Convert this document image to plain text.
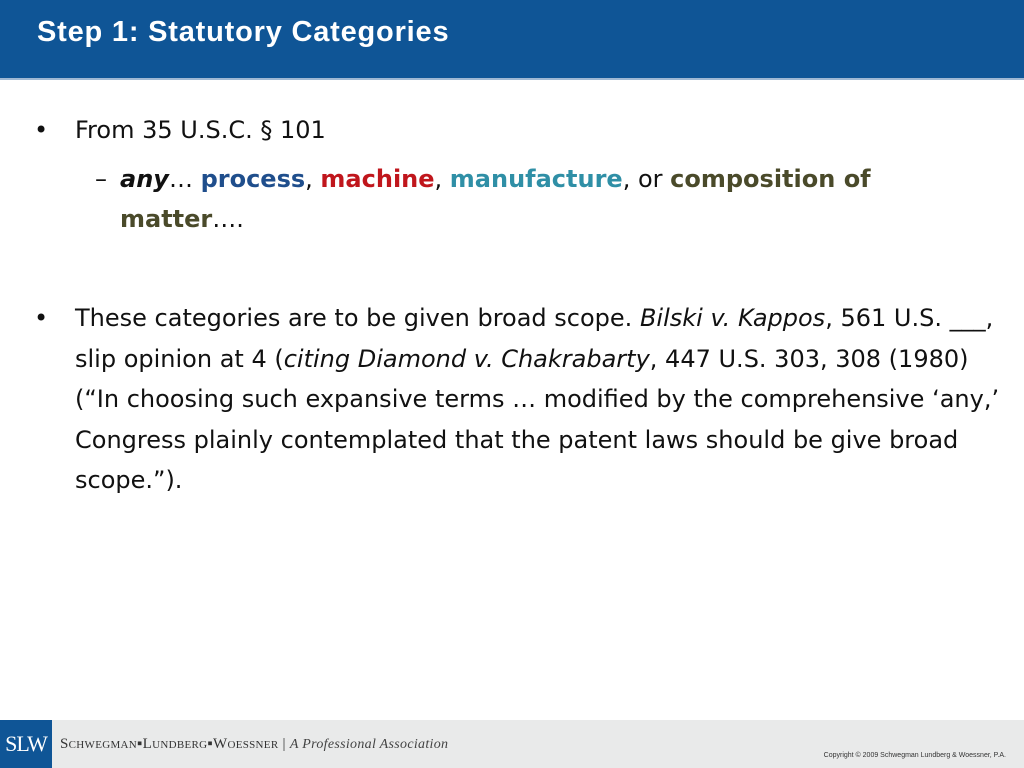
Step 1: Statutory Categories
• From 35 U.S.C. § 101
– any… process, machine, manufacture, or composition of matter….
• These categories are to be given broad scope. Bilski v. Kappos, 561 U.S. ___, slip opinion at 4 (citing Diamond v. Chakrabarty, 447 U.S. 303, 308 (1980) (“In choosing such expansive terms … modified by the comprehensive ‘any,’ Congress plainly contemplated that the patent laws should be give broad scope.”).
SLW Schwegman▪Lundberg▪Woessner | A Professional Association
Copyright © 2009 Schwegman Lundberg & Woessner, P.A.
